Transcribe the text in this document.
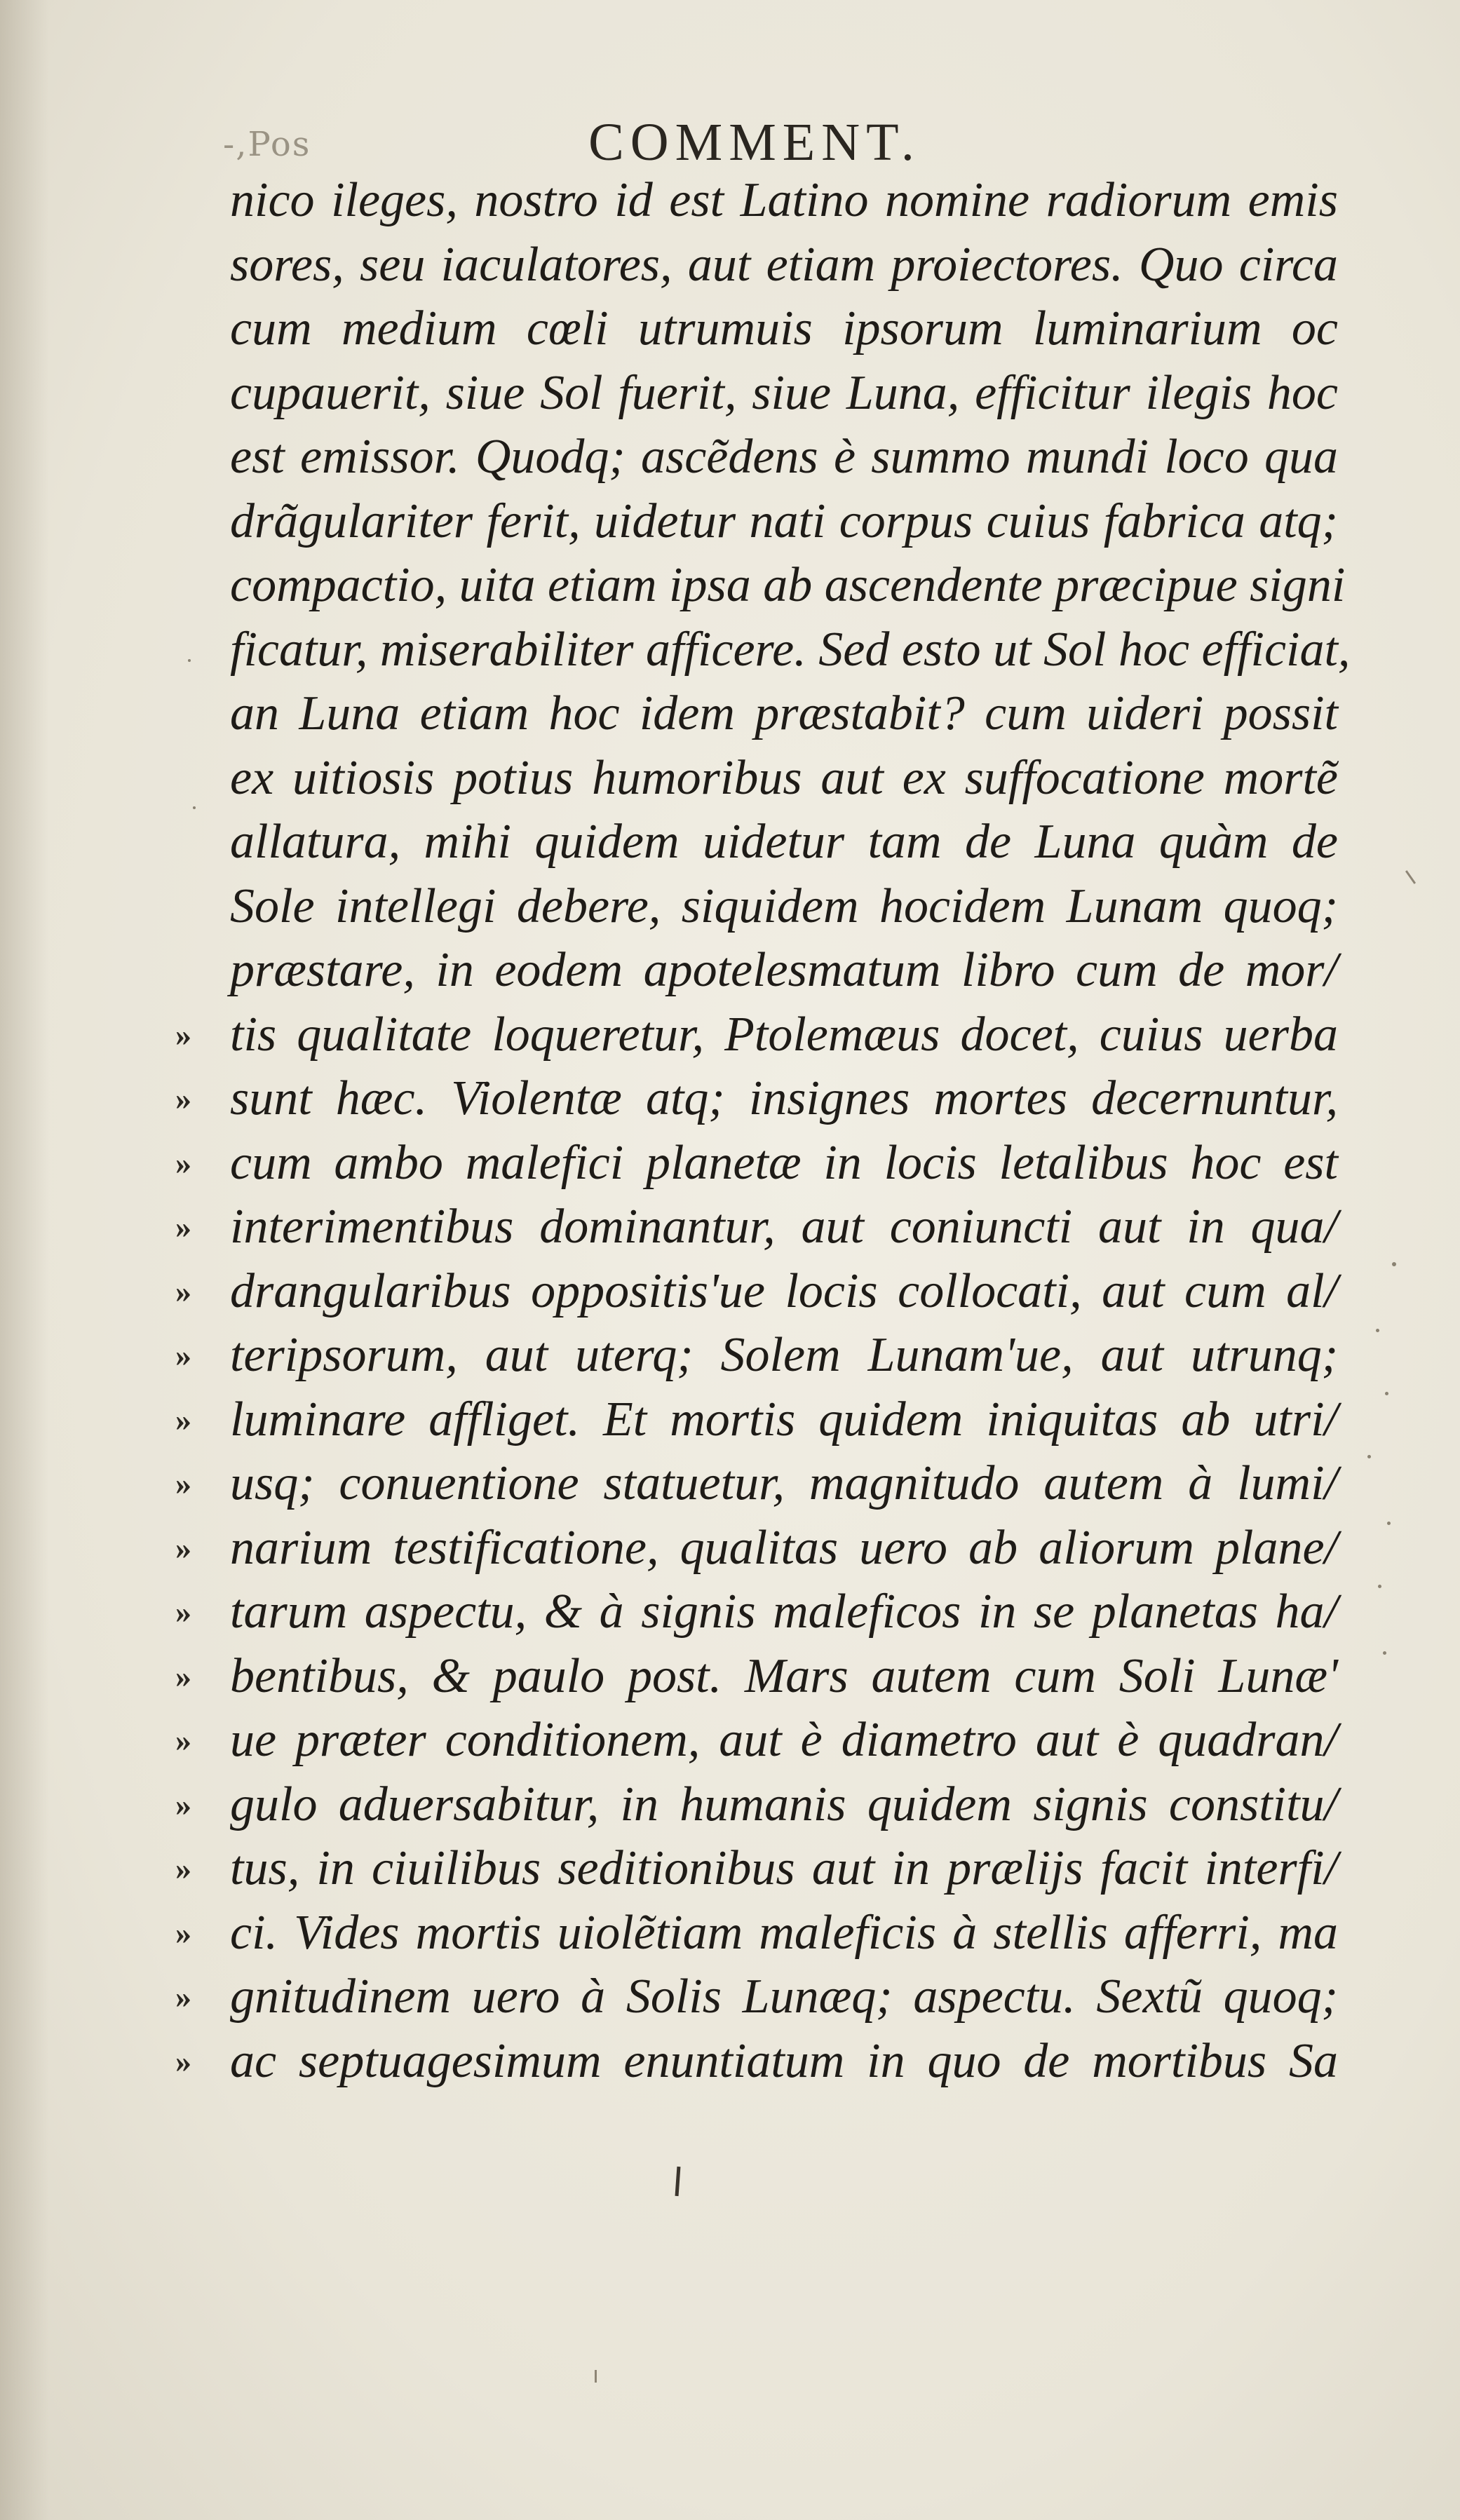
-,Pos	COMMENT.
nico ileges, nostro id est Latino nomine radiorum emis
sores, seu iaculatores, aut etiam proiectores. Quo circa
cum medium cœli utrumuis ipsorum luminarium oc
cupauerit, siue Sol fuerit, siue Luna, efficitur ilegis hoc
est emissor. Quodq; ascẽdens è summo mundi loco qua
drãgulariter ferit, uidetur nati corpus cuius fabrica atq;
compactio, uita etiam ipsa ab ascendente præcipue signi
ficatur, miserabiliter afficere. Sed esto ut Sol hoc efficiat,
an Luna etiam hoc idem præstabit? cum uideri possit
ex uitiosis potius humoribus aut ex suffocatione mortẽ
allatura, mihi quidem uidetur tam de Luna quàm de
Sole intellegi debere, siquidem hocidem Lunam quoq;
præstare, in eodem apotelesmatum libro cum de mor/
» tis qualitate loqueretur, Ptolemæus docet, cuius uerba
» sunt hæc. Violentæ atq; insignes mortes decernuntur,
» cum ambo malefici planetæ in locis letalibus hoc est
» interimentibus dominantur, aut coniuncti aut in qua/
» drangularibus oppositis'ue locis collocati, aut cum al/
» teripsorum, aut uterq; Solem Lunam'ue, aut utrunq;
» luminare affliget. Et mortis quidem iniquitas ab utri/
» usq; conuentione statuetur, magnitudo autem à lumi/
» narium testificatione, qualitas uero ab aliorum plane/
» tarum aspectu, & à signis maleficos in se planetas ha/
» bentibus, & paulo post. Mars autem cum Soli Lunæ'
» ue præter conditionem, aut è diametro aut è quadran/
» gulo aduersabitur, in humanis quidem signis constitu/
» tus, in ciuilibus seditionibus aut in prælijs facit interfi/
» ci. Vides mortis uiolẽtiam maleficis à stellis afferri, ma
» gnitudinem uero à Solis Lunæq; aspectu. Sextũ quoq;
» ac septuagesimum enuntiatum in quo de mortibus Sa
